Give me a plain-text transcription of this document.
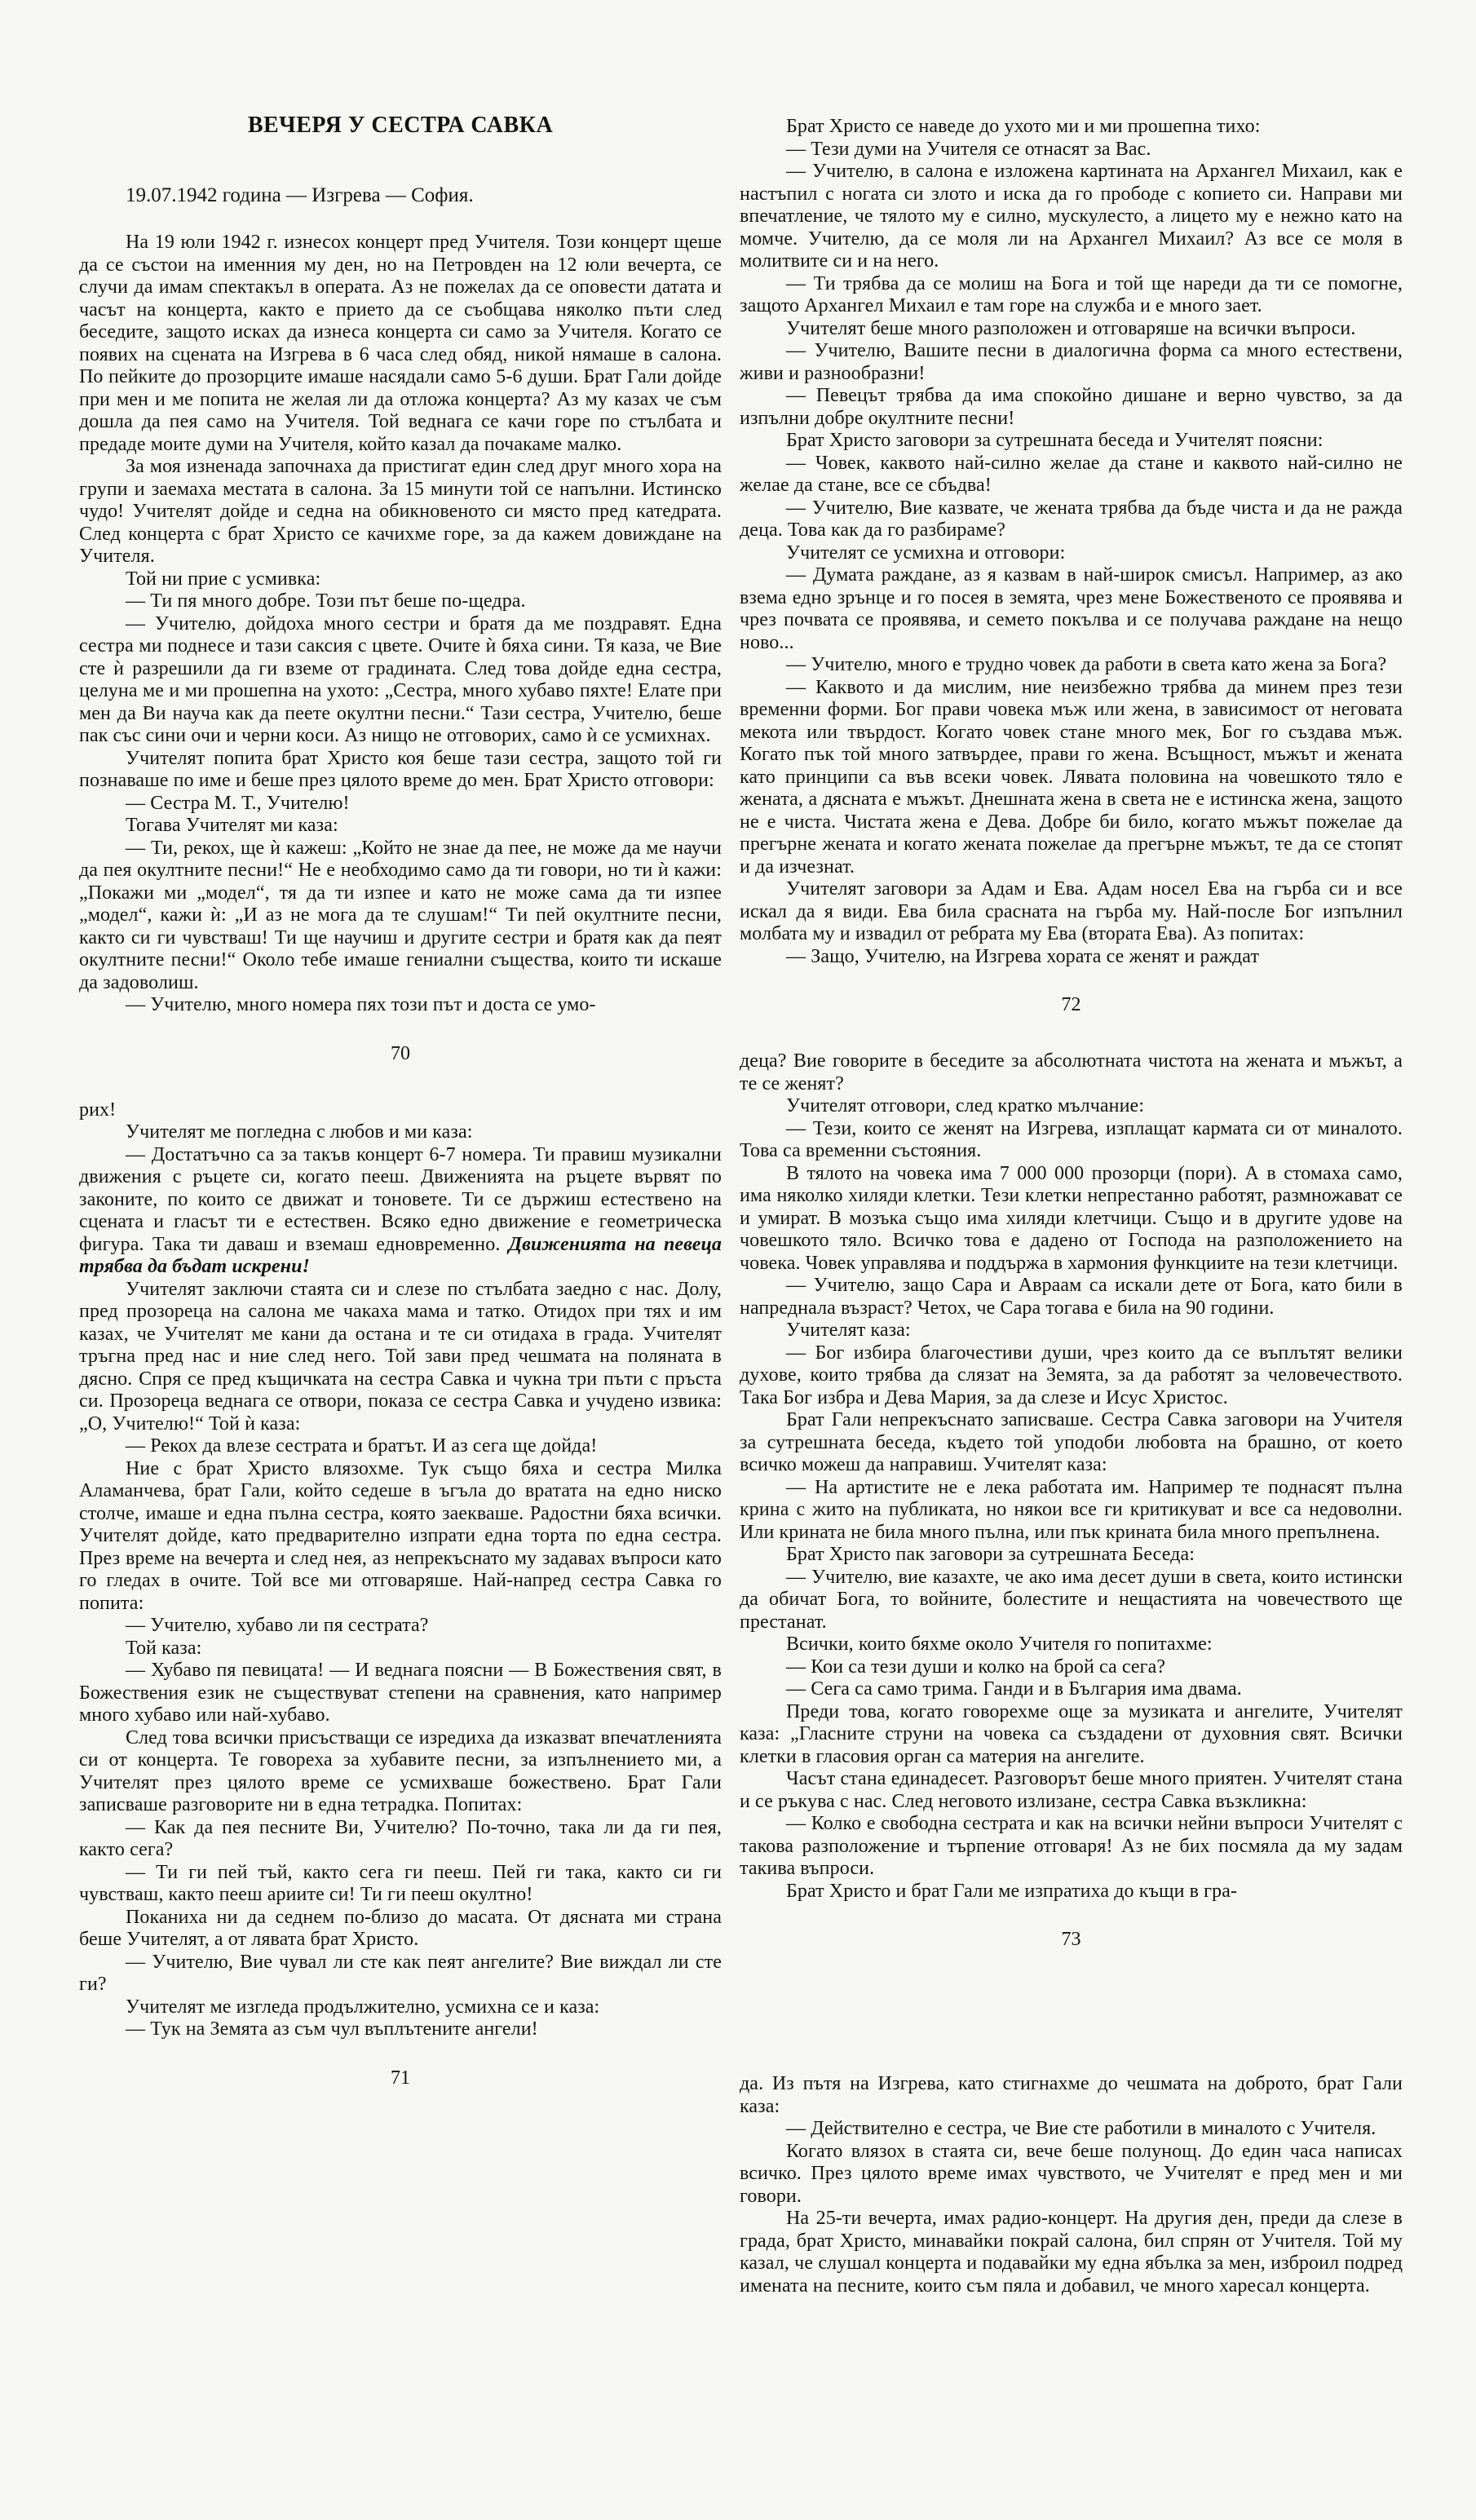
ВЕЧЕРЯ У СЕСТРА САВКА

19.07.1942 година — Изгрева — София.

На 19 юли 1942 г. изнесох концерт пред Учителя. Този концерт щеше да се състои на именния му ден, но на Петровден на 12 юли вечерта, се случи да имам спектакъл в операта. Аз не пожелах да се оповести датата и часът на концерта, както е прието да се съобщава няколко пъти след беседите, защото исках да изнеса концерта си само за Учителя. Когато се появих на сцената на Изгрева в 6 часа след обяд, никой нямаше в салона. По пейките до прозорците имаше насядали само 5-6 души. Брат Гали дойде при мен и ме попита не желая ли да отложа концерта? Аз му казах че съм дошла да пея само на Учителя. Той веднага се качи горе по стълбата и предаде моите думи на Учителя, който казал да почакаме малко.

За моя изненада започнаха да пристигат един след друг много хора на групи и заемаха местата в салона. За 15 минути той се напълни. Истинско чудо! Учителят дойде и седна на обикновеното си място пред катедрата. След концерта с брат Христо се качихме горе, за да кажем довиждане на Учителя.

Той ни прие с усмивка:

— Ти пя много добре. Този път беше по-щедра.

— Учителю, дойдоха много сестри и братя да ме поздравят. Една сестра ми поднесе и тази саксия с цвете. Очите ѝ бяха сини. Тя каза, че Вие сте ѝ разрешили да ги вземе от градината. След това дойде една сестра, целуна ме и ми прошепна на ухото: „Сестра, много хубаво пяхте! Елате при мен да Ви науча как да пеете окултни песни.“ Тази сестра, Учителю, беше пак със сини очи и черни коси. Аз нищо не отговорих, само ѝ се усмихнах.

Учителят попита брат Христо коя беше тази сестра, защото той ги познаваше по име и беше през цялото време до мен. Брат Христо отговори:

— Сестра М. Т., Учителю!

Тогава Учителят ми каза:

— Ти, рекох, ще ѝ кажеш: „Който не знае да пее, не може да ме научи да пея окултните песни!“ Не е необходимо само да ти говори, но ти ѝ кажи: „Покажи ми „модел“, тя да ти изпее и като не може сама да ти изпее „модел“, кажи ѝ: „И аз не мога да те слушам!“ Ти пей окултните песни, както си ги чувстваш! Ти ще научиш и другите сестри и братя как да пеят окултните песни!“ Около тебе имаше гениални същества, които ти искаше да задоволиш.

— Учителю, много номера пях този път и доста се умо-

70

рих!

Учителят ме погледна с любов и ми каза:

— Достатъчно са за такъв концерт 6-7 номера. Ти правиш музикални движения с ръцете си, когато пееш. Движенията на ръцете вървят по законите, по които се движат и тоновете. Ти се държиш естествено на сцената и гласът ти е естествен. Всяко едно движение е геометрическа фигура. Така ти даваш и вземаш едновременно. Движенията на певеца трябва да бъдат искрени!

Учителят заключи стаята си и слезе по стълбата заедно с нас. Долу, пред прозореца на салона ме чакаха мама и татко. Отидох при тях и им казах, че Учителят ме кани да остана и те си отидаха в града. Учителят тръгна пред нас и ние след него. Той зави пред чешмата на поляната в дясно. Спря се пред къщичката на сестра Савка и чукна три пъти с пръста си. Прозореца веднага се отвори, показа се сестра Савка и учудено извика: „О, Учителю!“ Той ѝ каза:

— Рекох да влезе сестрата и братът. И аз сега ще дойда!

Ние с брат Христо влязохме. Тук също бяха и сестра Милка Аламанчева, брат Гали, който седеше в ъгъла до вратата на едно ниско столче, имаше и една пълна сестра, която заекваше. Радостни бяха всички. Учителят дойде, като предварително изпрати една торта по една сестра. През време на вечерта и след нея, аз непрекъснато му задавах въпроси като го гледах в очите. Той все ми отговаряше. Най-напред сестра Савка го попита:

— Учителю, хубаво ли пя сестрата?

Той каза:

— Хубаво пя певицата! — И веднага поясни — В Божествения свят, в Божествения език не съществуват степени на сравнения, като например много хубаво или най-хубаво.

След това всички присъстващи се изредиха да изказват впечатленията си от концерта. Те говореха за хубавите песни, за изпълнението ми, а Учителят през цялото време се усмихваше божествено. Брат Гали записваше разговорите ни в една тетрадка. Попитах:

— Как да пея песните Ви, Учителю? По-точно, така ли да ги пея, както сега?

— Ти ги пей тъй, както сега ги пееш. Пей ги така, както си ги чувстваш, както пееш ариите си! Ти ги пееш окултно!

Поканиха ни да седнем по-близо до масата. От дясната ми страна беше Учителят, а от лявата брат Христо.

— Учителю, Вие чувал ли сте как пеят ангелите? Вие виждал ли сте ги?

Учителят ме изгледа продължително, усмихна се и каза:

— Тук на Земята аз съм чул въплътените ангели!

71

Брат Христо се наведе до ухото ми и ми прошепна тихо:

— Тези думи на Учителя се отнасят за Вас.

— Учителю, в салона е изложена картината на Архангел Михаил, как е настъпил с ногата си злото и иска да го прободе с копието си. Направи ми впечатление, че тялото му е силно, мускулесто, а лицето му е нежно като на момче. Учителю, да се моля ли на Архангел Михаил? Аз все се моля в молитвите си и на него.

— Ти трябва да се молиш на Бога и той ще нареди да ти се помогне, защото Архангел Михаил е там горе на служба и е много зает.

Учителят беше много разположен и отговаряше на всички въпроси.

— Учителю, Вашите песни в диалогична форма са много естествени, живи и разнообразни!

— Певецът трябва да има спокойно дишане и верно чувство, за да изпълни добре окултните песни!

Брат Христо заговори за сутрешната беседа и Учителят поясни:

— Човек, каквото най-силно желае да стане и каквото най-силно не желае да стане, все се сбъдва!

— Учителю, Вие казвате, че жената трябва да бъде чиста и да не ражда деца. Това как да го разбираме?

Учителят се усмихна и отговори:

— Думата раждане, аз я казвам в най-широк смисъл. Например, аз ако взема едно зрънце и го посея в земята, чрез мене Божественото се проявява и чрез почвата се проявява, и семето покълва и се получава раждане на нещо ново...

— Учителю, много е трудно човек да работи в света като жена за Бога?

— Каквото и да мислим, ние неизбежно трябва да минем през тези временни форми. Бог прави човека мъж или жена, в зависимост от неговата мекота или твърдост. Когато човек стане много мек, Бог го създава мъж. Когато пък той много затвърдее, прави го жена. Всъщност, мъжът и жената като принципи са във всеки човек. Лявата половина на човешкото тяло е жената, а дясната е мъжът. Днешната жена в света не е истинска жена, защото не е чиста. Чистата жена е Дева. Добре би било, когато мъжът пожелае да прегърне жената и когато жената пожелае да прегърне мъжът, те да се стопят и да изчезнат.

Учителят заговори за Адам и Ева. Адам носел Ева на гърба си и все искал да я види. Ева била срасната на гърба му. Най-после Бог изпълнил молбата му и извадил от ребрата му Ева (втората Ева). Аз попитах:

— Защо, Учителю, на Изгрева хората се женят и раждат

72

деца? Вие говорите в беседите за абсолютната чистота на жената и мъжът, а те се женят?

Учителят отговори, след кратко мълчание:

— Тези, които се женят на Изгрева, изплащат кармата си от миналото. Това са временни състояния.

В тялото на човека има 7 000 000 прозорци (пори). А в стомаха само, има няколко хиляди клетки. Тези клетки непрестанно работят, размножават се и умират. В мозъка също има хиляди клетчици. Също и в другите удове на човешкото тяло. Всичко това е дадено от Господа на разположението на човека. Човек управлява и поддържа в хармония функциите на тези клетчици.

— Учителю, защо Сара и Авраам са искали дете от Бога, като били в напреднала възраст? Четох, че Сара тогава е била на 90 години.

Учителят каза:

— Бог избира благочестиви души, чрез които да се въплътят велики духове, които трябва да слязат на Земята, за да работят за человечеството. Така Бог избра и Дева Мария, за да слезе и Исус Христос.

Брат Гали непрекъснато записваше. Сестра Савка заговори на Учителя за сутрешната беседа, където той уподоби любовта на брашно, от което всичко можеш да направиш. Учителят каза:

— На артистите не е лека работата им. Например те поднасят пълна крина с жито на публиката, но някои все ги критикуват и все са недоволни. Или крината не била много пълна, или пък крината била много препълнена.

Брат Христо пак заговори за сутрешната Беседа:

— Учителю, вие казахте, че ако има десет души в света, които истински да обичат Бога, то войните, болестите и нещастията на човечеството ще престанат.

Всички, които бяхме около Учителя го попитахме:

— Кои са тези души и колко на брой са сега?

— Сега са само трима. Ганди и в България има двама.

Преди това, когато говорехме още за музиката и ангелите, Учителят каза: „Гласните струни на човека са създадени от духовния свят. Всички клетки в гласовия орган са материя на ангелите.

Часът стана единадесет. Разговорът беше много приятен. Учителят стана и се ръкува с нас. След неговото излизане, сестра Савка възкликна:

— Колко е свободна сестрата и как на всички нейни въпроси Учителят с такова разположение и търпение отговаря! Аз не бих посмяла да му задам такива въпроси.

Брат Христо и брат Гали ме изпратиха до къщи в гра-

73

да. Из пътя на Изгрева, като стигнахме до чешмата на доброто, брат Гали каза:

— Действително е сестра, че Вие сте работили в миналото с Учителя.

Когато влязох в стаята си, вече беше полунощ. До един часа написах всичко. През цялото време имах чувството, че Учителят е пред мен и ми говори.

На 25-ти вечерта, имах радио-концерт. На другия ден, преди да слезе в града, брат Христо, минавайки покрай салона, бил спрян от Учителя. Той му казал, че слушал концерта и подавайки му една ябълка за мен, изброил подред имената на песните, които съм пяла и добавил, че много харесал концерта.
